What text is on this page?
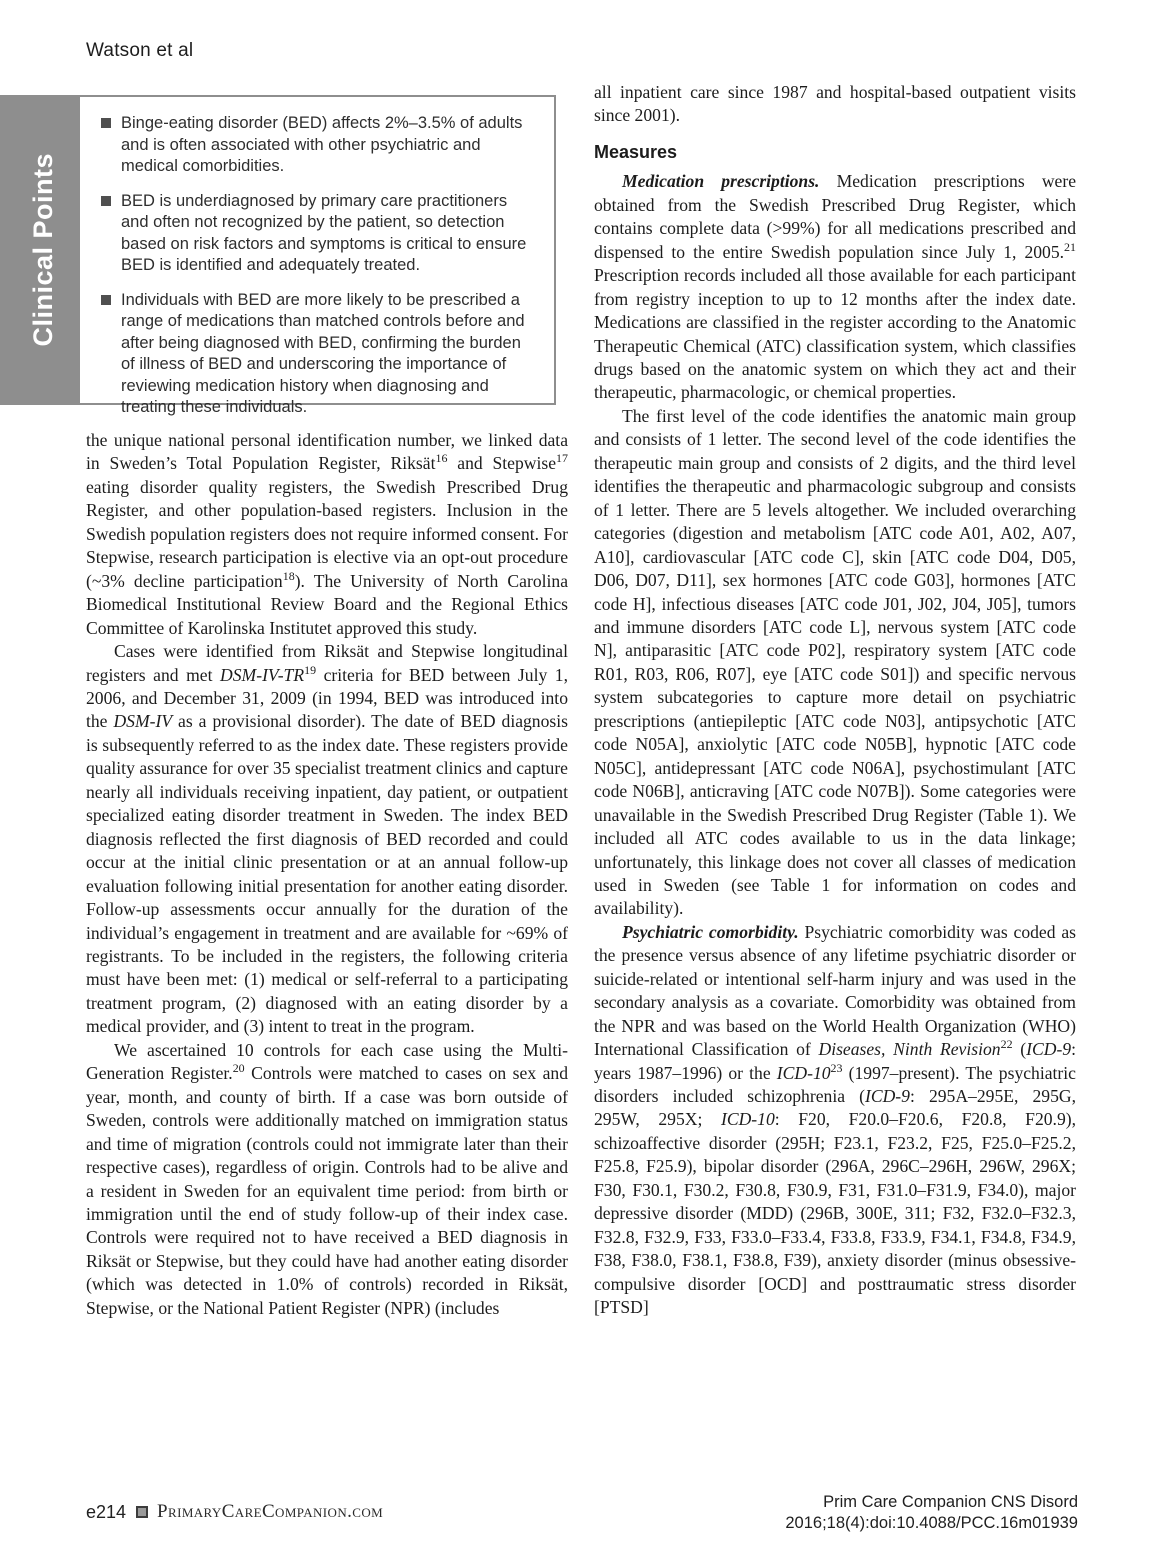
Watson et al
Binge-eating disorder (BED) affects 2%–3.5% of adults and is often associated with other psychiatric and medical comorbidities.
BED is underdiagnosed by primary care practitioners and often not recognized by the patient, so detection based on risk factors and symptoms is critical to ensure BED is identified and adequately treated.
Individuals with BED are more likely to be prescribed a range of medications than matched controls before and after being diagnosed with BED, confirming the burden of illness of BED and underscoring the importance of reviewing medication history when diagnosing and treating these individuals.
Clinical Points

the unique national personal identification number, we linked data in Sweden’s Total Population Register, Riksät$^{16}$ and Stepwise$^{17}$ eating disorder quality registers, the Swedish Prescribed Drug Register, and other population-based registers. Inclusion in the Swedish population registers does not require informed consent. For Stepwise, research participation is elective via an opt-out procedure (~3% decline participation$^{18}$). The University of North Carolina Biomedical Institutional Review Board and the Regional Ethics Committee of Karolinska Institutet approved this study.

Cases were identified from Riksät and Stepwise longitudinal registers and met DSM-IV-TR$^{19}$ criteria for BED between July 1, 2006, and December 31, 2009 (in 1994, BED was introduced into the DSM-IV as a provisional disorder). The date of BED diagnosis is subsequently referred to as the index date. These registers provide quality assurance for over 35 specialist treatment clinics and capture nearly all individuals receiving inpatient, day patient, or outpatient specialized eating disorder treatment in Sweden. The index BED diagnosis reflected the first diagnosis of BED recorded and could occur at the initial clinic presentation or at an annual follow-up evaluation following initial presentation for another eating disorder. Follow-up assessments occur annually for the duration of the individual’s engagement in treatment and are available for ~69% of registrants. To be included in the registers, the following criteria must have been met: (1) medical or self-referral to a participating treatment program, (2) diagnosed with an eating disorder by a medical provider, and (3) intent to treat in the program.

We ascertained 10 controls for each case using the Multi-Generation Register.$^{20}$ Controls were matched to cases on sex and year, month, and county of birth. If a case was born outside of Sweden, controls were additionally matched on immigration status and time of migration (controls could not immigrate later than their respective cases), regardless of origin. Controls had to be alive and a resident in Sweden for an equivalent time period: from birth or immigration until the end of study follow-up of their index case. Controls were required not to have received a BED diagnosis in Riksät or Stepwise, but they could have had another eating disorder (which was detected in 1.0% of controls) recorded in Riksät, Stepwise, or the National Patient Register (NPR) (includes

all inpatient care since 1987 and hospital-based outpatient visits since 2001).

Measures

Medication prescriptions. Medication prescriptions were obtained from the Swedish Prescribed Drug Register, which contains complete data (>99%) for all medications prescribed and dispensed to the entire Swedish population since July 1, 2005.21 Prescription records included all those available for each participant from registry inception to up to 12 months after the index date. Medications are classified in the register according to the Anatomic Therapeutic Chemical (ATC) classification system, which classifies drugs based on the anatomic system on which they act and their therapeutic, pharmacologic, or chemical properties.

The first level of the code identifies the anatomic main group and consists of 1 letter. The second level of the code identifies the therapeutic main group and consists of 2 digits, and the third level identifies the therapeutic and pharmacologic subgroup and consists of 1 letter. There are 5 levels altogether. We included overarching categories (digestion and metabolism [ATC code A01, A02, A07, A10], cardiovascular [ATC code C], skin [ATC code D04, D05, D06, D07, D11], sex hormones [ATC code G03], hormones [ATC code H], infectious diseases [ATC code J01, J02, J04, J05], tumors and immune disorders [ATC code L], nervous system [ATC code N], antiparasitic [ATC code P02], respiratory system [ATC code R01, R03, R06, R07], eye [ATC code S01]) and specific nervous system subcategories to capture more detail on psychiatric prescriptions (antiepileptic [ATC code N03], antipsychotic [ATC code N05A], anxiolytic [ATC code N05B], hypnotic [ATC code N05C], antidepressant [ATC code N06A], psychostimulant [ATC code N06B], anticraving [ATC code N07B]). Some categories were unavailable in the Swedish Prescribed Drug Register (Table 1). We included all ATC codes available to us in the data linkage; unfortunately, this linkage does not cover all classes of medication used in Sweden (see Table 1 for information on codes and availability).

Psychiatric comorbidity. Psychiatric comorbidity was coded as the presence versus absence of any lifetime psychiatric disorder or suicide-related or intentional self-harm injury and was used in the secondary analysis as a covariate. Comorbidity was obtained from the NPR and was based on the World Health Organization (WHO) International Classification of Diseases, Ninth Revision$^{22}$ (ICD-9: years 1987–1996) or the ICD-$10^{23}$ (1997–present). The psychiatric disorders included schizophrenia (ICD-9: 295A–295E, 295G, 295W, 295X; ICD-10: F20, F20.0–F20.6, F20.8, F20.9), schizoaffective disorder (295H; F23.1, F23.2, F25, F25.0–F25.2, F25.8, F25.9), bipolar disorder (296A, 296C–296H, 296W, 296X; F30, F30.1, F30.2, F30.8, F30.9, F31, F31.0–F31.9, F34.0), major depressive disorder (MDD) (296B, 300E, 311; F32, F32.0–F32.3, F32.8, F32.9, F33, F33.0–F33.4, F33.8, F33.9, F34.1, F34.8, F34.9, F38, F38.0, F38.1, F38.8, F39), anxiety disorder (minus obsessive-compulsive disorder [OCD] and posttraumatic stress disorder [PTSD]

e214 PrimaryCareCompanion.com	Prim Care Companion CNS Disord
2016;18(4):doi:10.4088/PCC.16m01939
